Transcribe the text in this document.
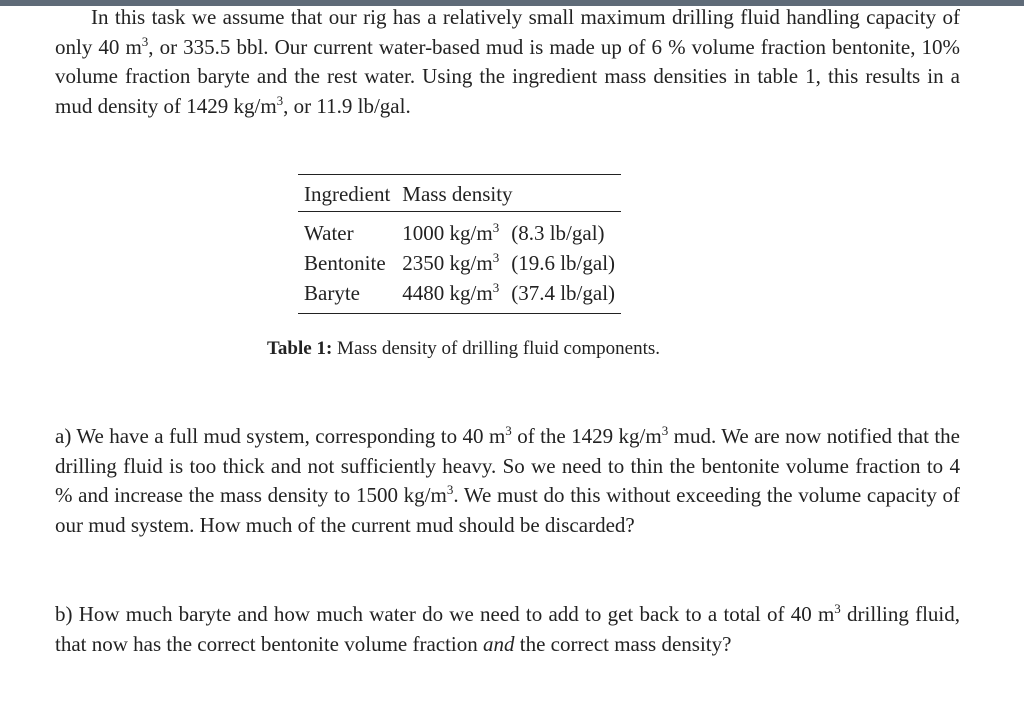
In this task we assume that our rig has a relatively small maximum drilling fluid handling capacity of only 40 $m^3$, or 335.5 bbl. Our current water-based mud is made up of 6 % volume fraction bentonite, 10% volume fraction baryte and the rest water. Using the ingredient mass densities in table 1, this results in a mud density of 1429 $kg/m^3$, or 11.9 lb/gal.

Ingredient	Mass density	
Water	1000 $kg/m^3$	(8.3 lb/gal)
Bentonite	2350 $kg/m^3$	(19.6 lb/gal)
Baryte	4480 $kg/m^3$	(37.4 lb/gal)
Table 1: Mass density of drilling fluid components.

a) We have a full mud system, corresponding to 40 $m^3$ of the 1429 $kg/m^3$ mud. We are now notified that the drilling fluid is too thick and not sufficiently heavy. So we need to thin the bentonite volume fraction to 4 % and increase the mass density to 1500 $kg/m^3$. We must do this without exceeding the volume capacity of our mud system. How much of the current mud should be discarded?

b) How much baryte and how much water do we need to add to get back to a total of 40 $m^3$ drilling fluid, that now has the correct bentonite volume fraction and the correct mass density?
